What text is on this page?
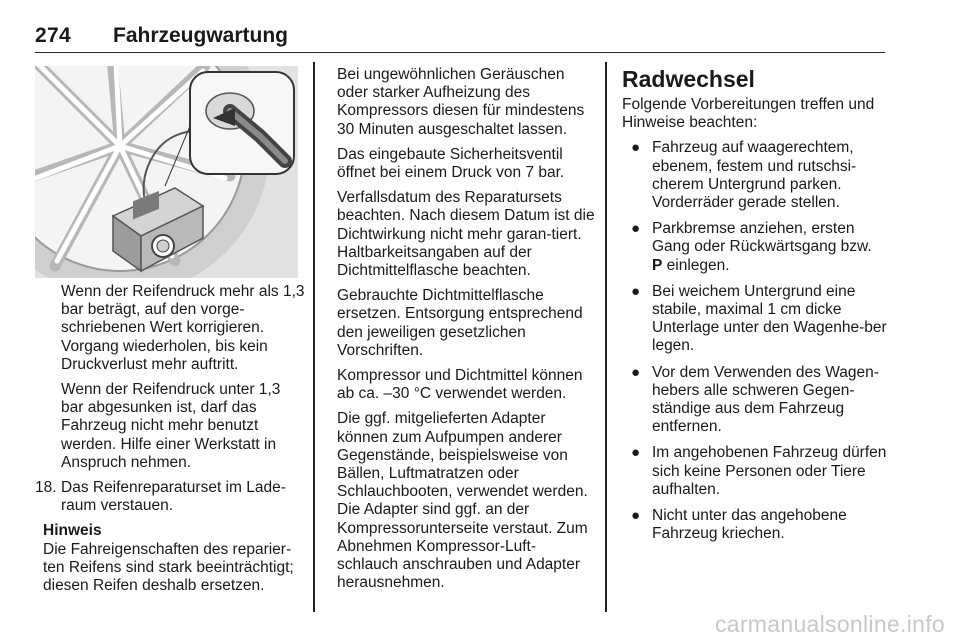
274 Fahrzeugwartung

Wenn der Reifendruck mehr als 1,3 bar beträgt, auf den vorge-schriebenen Wert korrigieren. Vorgang wiederholen, bis kein Druckverlust mehr auftritt.

Wenn der Reifendruck unter 1,3 bar abgesunken ist, darf das Fahrzeug nicht mehr benutzt werden. Hilfe einer Werkstatt in Anspruch nehmen.

18. Das Reifenreparaturset im Lade-raum verstauen.
Hinweis
Die Fahreigenschaften des reparier-ten Reifens sind stark beeinträchtigt; diesen Reifen deshalb ersetzen.

Bei ungewöhnlichen Geräuschen oder starker Aufheizung des Kompressors diesen für mindestens 30 Minuten ausgeschaltet lassen.

Das eingebaute Sicherheitsventil öffnet bei einem Druck von 7 bar.

Verfallsdatum des Reparatursets beachten. Nach diesem Datum ist die Dichtwirkung nicht mehr garan-tiert. Haltbarkeitsangaben auf der Dichtmittelflasche beachten.

Gebrauchte Dichtmittelflasche ersetzen. Entsorgung entsprechend den jeweiligen gesetzlichen Vorschriften.

Kompressor und Dichtmittel können ab ca. –30 °C verwendet werden.

Die ggf. mitgelieferten Adapter können zum Aufpumpen anderer Gegenstände, beispielsweise von Bällen, Luftmatratzen oder Schlauchbooten, verwendet werden. Die Adapter sind ggf. an der Kompressorunterseite verstaut. Zum Abnehmen Kompressor-Luft-schlauch anschrauben und Adapter herausnehmen.

Radwechsel

Folgende Vorbereitungen treffen und Hinweise beachten:

● Fahrzeug auf waagerechtem, ebenem, festem und rutschsi-cherem Untergrund parken. Vorderräder gerade stellen.
● Parkbremse anziehen, ersten Gang oder Rückwärtsgang bzw.
P einlegen.
● Bei weichem Untergrund eine stabile, maximal 1 cm dicke Unterlage unter den Wagenhe-ber legen.
● Vor dem Verwenden des Wagen-hebers alle schweren Gegen-ständige aus dem Fahrzeug entfernen.
● Im angehobenen Fahrzeug dürfen sich keine Personen oder Tiere aufhalten.
● Nicht unter das angehobene Fahrzeug kriechen.
carmanualsonline.info
